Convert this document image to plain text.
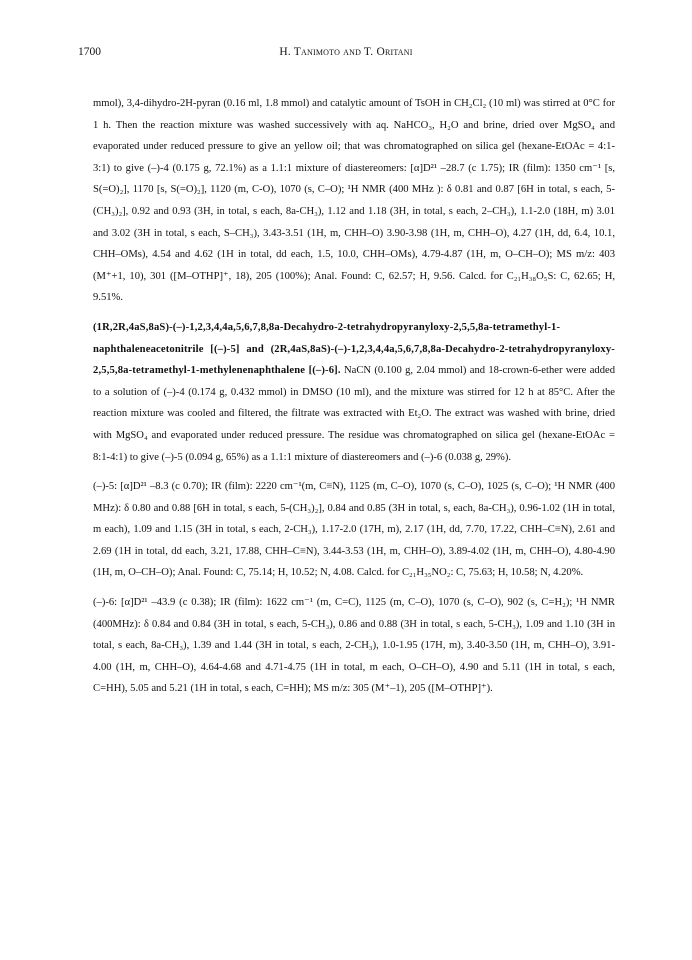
1700	H. Tanimoto and T. Oritani

mmol), 3,4-dihydro-2H-pyran (0.16 ml, 1.8 mmol) and catalytic amount of TsOH in CH₂Cl₂ (10 ml) was stirred at 0°C for 1 h. Then the reaction mixture was washed successively with aq. NaHCO₃, H₂O and brine, dried over MgSO₄ and evaporated under reduced pressure to give an yellow oil; that was chromatographed on silica gel (hexane-EtOAc = 4:1-3:1) to give (–)-4 (0.175 g, 72.1%) as a 1.1:1 mixture of diastereomers: [α]D²¹ –28.7 (c 1.75); IR (film): 1350 cm⁻¹ [s, S(=O)₂], 1170 [s, S(=O)₂], 1120 (m, C-O), 1070 (s, C–O); ¹H NMR (400 MHz ): δ 0.81 and 0.87 [6H in total, s each, 5-(CH₃)₂], 0.92 and 0.93 (3H, in total, s each, 8a-CH₃), 1.12 and 1.18 (3H, in total, s each, 2–CH₃), 1.1-2.0 (18H, m) 3.01 and 3.02 (3H in total, s each, S–CH₃), 3.43-3.51 (1H, m, CHH–O) 3.90-3.98 (1H, m, CHH–O), 4.27 (1H, dd, 6.4, 10.1, CHH–OMs), 4.54 and 4.62 (1H in total, dd each, 1.5, 10.0, CHH–OMs), 4.79-4.87 (1H, m, O–CH–O); MS m/z: 403 (M⁺+1, 10), 301 ([M–OTHP]⁺, 18), 205 (100%); Anal. Found: C, 62.57; H, 9.56. Calcd. for C₂₁H₃₈O₅S: C, 62.65; H, 9.51%.

(1R,2R,4aS,8aS)-(–)-1,2,3,4,4a,5,6,7,8,8a-Decahydro-2-tetrahydropyranyloxy-2,5,5,8a-tetramethyl-1-naphthaleneacetonitrile [(–)-5] and (2R,4aS,8aS)-(–)-1,2,3,4,4a,5,6,7,8,8a-Decahydro-2-tetrahydropyranyloxy-2,5,5,8a-tetramethyl-1-methylenenaphthalene [(–)-6]. NaCN (0.100 g, 2.04 mmol) and 18-crown-6-ether were added to a solution of (–)-4 (0.174 g, 0.432 mmol) in DMSO (10 ml), and the mixture was stirred for 12 h at 85°C. After the reaction mixture was cooled and filtered, the filtrate was extracted with Et₂O. The extract was washed with brine, dried with MgSO₄ and evaporated under reduced pressure. The residue was chromatographed on silica gel (hexane-EtOAc = 8:1-4:1) to give (–)-5 (0.094 g, 65%) as a 1.1:1 mixture of diastereomers and (–)-6 (0.038 g, 29%).

(–)-5: [α]D²¹ –8.3 (c 0.70); IR (film): 2220 cm⁻¹(m, C≡N), 1125 (m, C–O), 1070 (s, C–O), 1025 (s, C–O); ¹H NMR (400 MHz): δ 0.80 and 0.88 [6H in total, s each, 5-(CH₃)₂], 0.84 and 0.85 (3H in total, s, each, 8a-CH₃), 0.96-1.02 (1H in total, m each), 1.09 and 1.15 (3H in total, s each, 2-CH₃), 1.17-2.0 (17H, m), 2.17 (1H, dd, 7.70, 17.22, CHH–C≡N), 2.61 and 2.69 (1H in total, dd each, 3.21, 17.88, CHH–C≡N), 3.44-3.53 (1H, m, CHH–O), 3.89-4.02 (1H, m, CHH–O), 4.80-4.90 (1H, m, O–CH–O); Anal. Found: C, 75.14; H, 10.52; N, 4.08. Calcd. for C₂₁H₃₅NO₂: C, 75.63; H, 10.58; N, 4.20%.

(–)-6: [α]D²¹ –43.9 (c 0.38); IR (film): 1622 cm⁻¹ (m, C=C), 1125 (m, C–O), 1070 (s, C–O), 902 (s, C=H₂); ¹H NMR (400MHz): δ 0.84 and 0.84 (3H in total, s each, 5-CH₃), 0.86 and 0.88 (3H in total, s each, 5-CH₃), 1.09 and 1.10 (3H in total, s each, 8a-CH₃), 1.39 and 1.44 (3H in total, s each, 2-CH₃), 1.0-1.95 (17H, m), 3.40-3.50 (1H, m, CHH–O), 3.91- 4.00 (1H, m, CHH–O), 4.64-4.68 and 4.71-4.75 (1H in total, m each, O–CH–O), 4.90 and 5.11 (1H in total, s each, C=HH), 5.05 and 5.21 (1H in total, s each, C=HH); MS m/z: 305 (M⁺–1), 205 ([M–OTHP]⁺).
